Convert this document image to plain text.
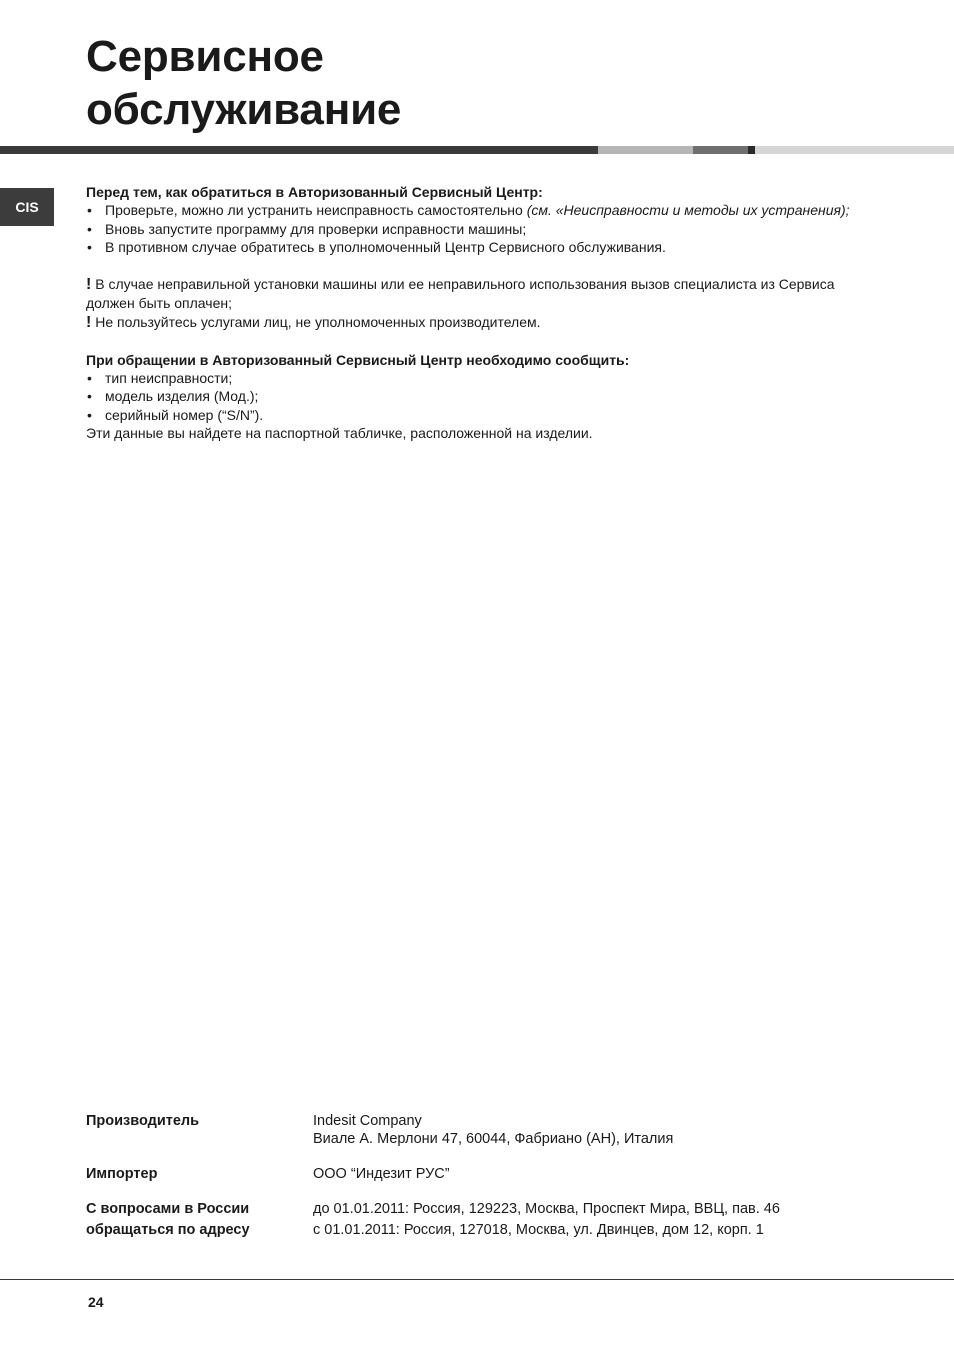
Сервисное
обслуживание
CIS

Перед тем, как обратиться в Авторизованный Сервисный Центр:

• Проверьте, можно ли устранить неисправность самостоятельно (см. «Неисправности и методы их устранения);
• Вновь запустите программу для проверки исправности машины;
• В противном случае обратитесь в уполномоченный Центр Сервисного обслуживания.

! В случае неправильной установки машины или ее неправильного использования вызов специалиста из Сервиса должен быть оплачен;

! Не пользуйтесь услугами лиц, не уполномоченных производителем.

При обращении в Авторизованный Сервисный Центр необходимо сообщить:

• тип неисправности;
• модель изделия (Мод.);
• серийный номер (“S/N”).

Эти данные вы найдете на паспортной табличке, расположенной на изделии.

Производитель	Indesit Company
Виале А. Мерлони 47, 60044, Фабриано (АН), Италия
Импортер	ООО “Индезит РУС”
С вопросами в России
обращаться по адресу
до 01.01.2011: Россия, 129223, Москва, Проспект Мира, ВВЦ, пав. 46
с 01.01.2011: Россия, 127018, Москва, ул. Двинцев, дом 12, корп. 1
24
